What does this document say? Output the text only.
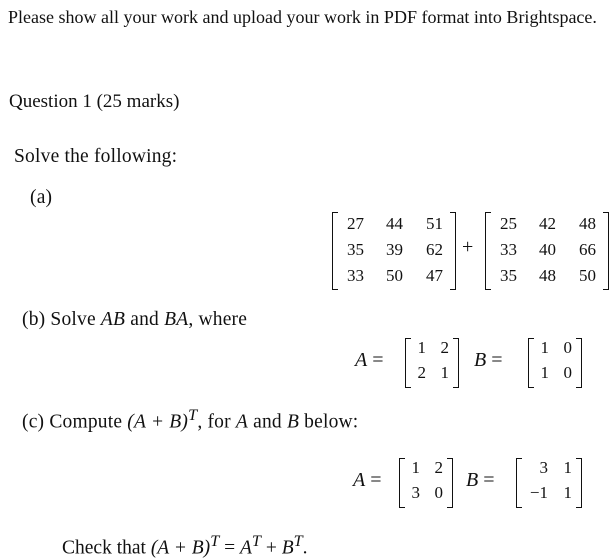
Please show all your work and upload your work in PDF format into Brightspace.
Question 1 (25 marks)
Solve the following:
(a)
27	44	51
35	39	62
33	50	47
+
25	42	48
33	40	66
35	48	50
(b) Solve AB and BA, where
A =
1 2
2 1
B =
1 0
1 0
(c) Compute $(A + B)^T$, for A and B below:
A =
1 2
3 0
B =
3 1
−1 1
Check that $(A + B)^T = A^T + B^T$.
